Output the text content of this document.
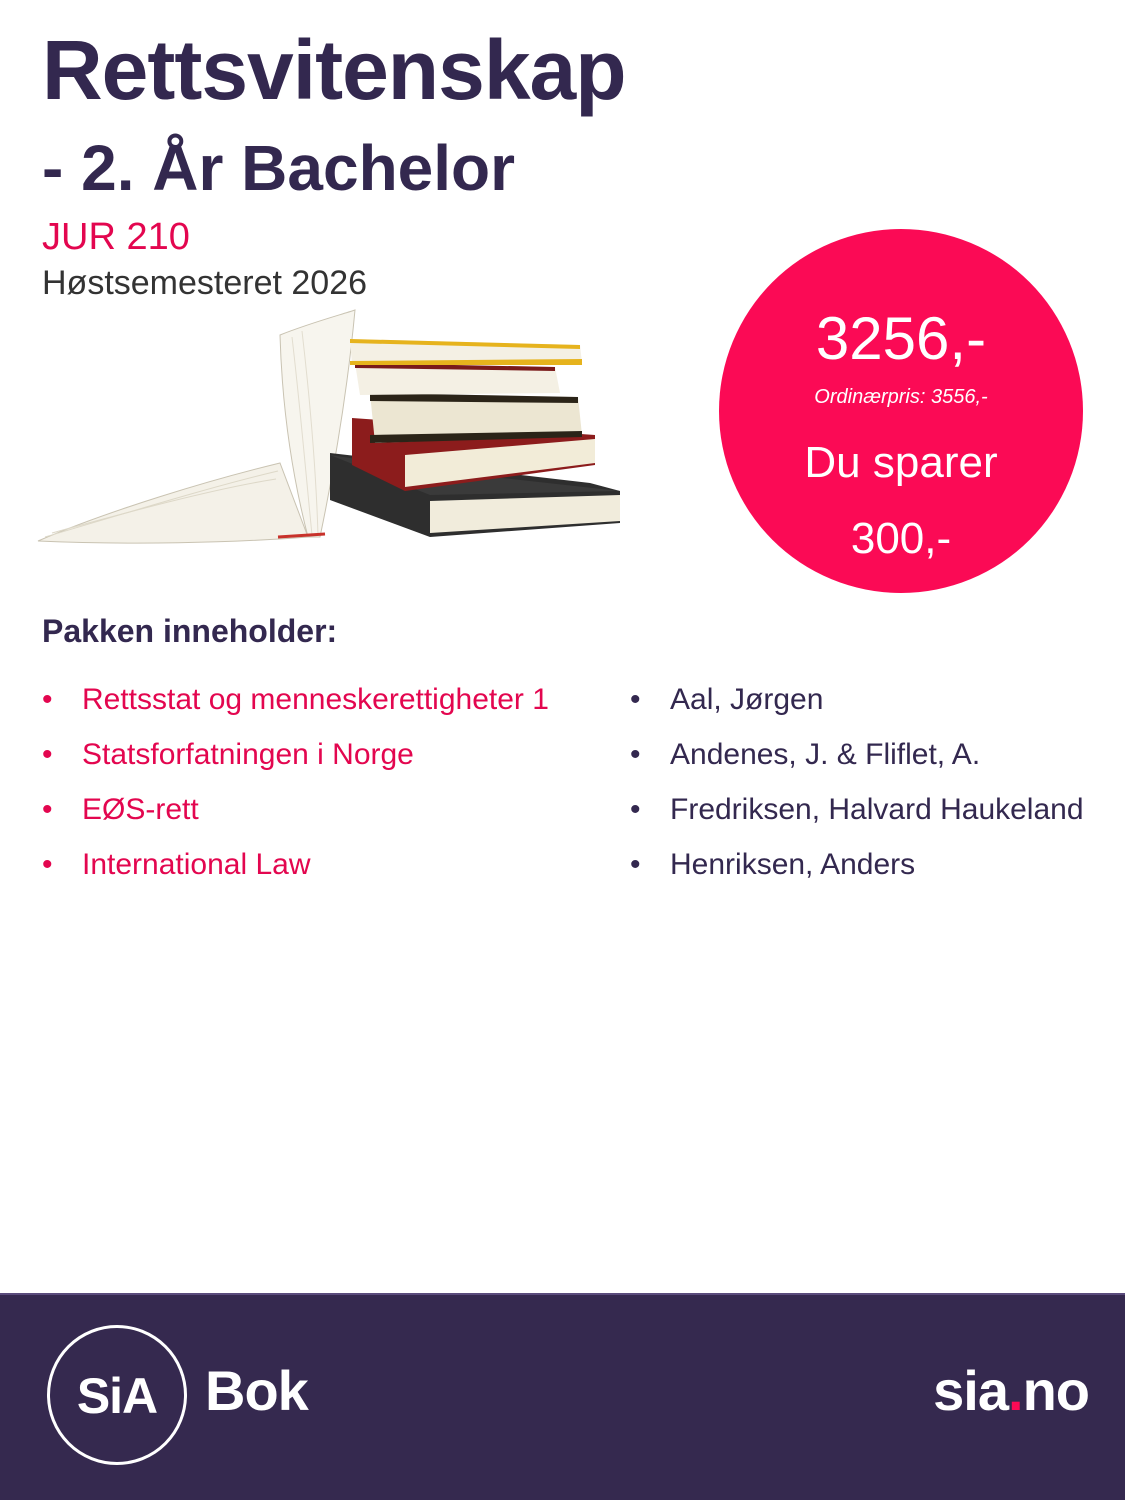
Rettsvitenskap
- 2. År Bachelor
JUR 210
Høstsemesteret 2026
3256,-
Ordinærpris: 3556,-
Du sparer
300,-
Pakken inneholder:
• Rettsstat og menneskerettigheter 1
• Statsforfatningen i Norge
• EØS-rett
• International Law
• Aal, Jørgen
• Andenes, J. & Fliflet, A.
• Fredriksen, Halvard Haukeland
• Henriksen, Anders
SiA Bok	sia.no
